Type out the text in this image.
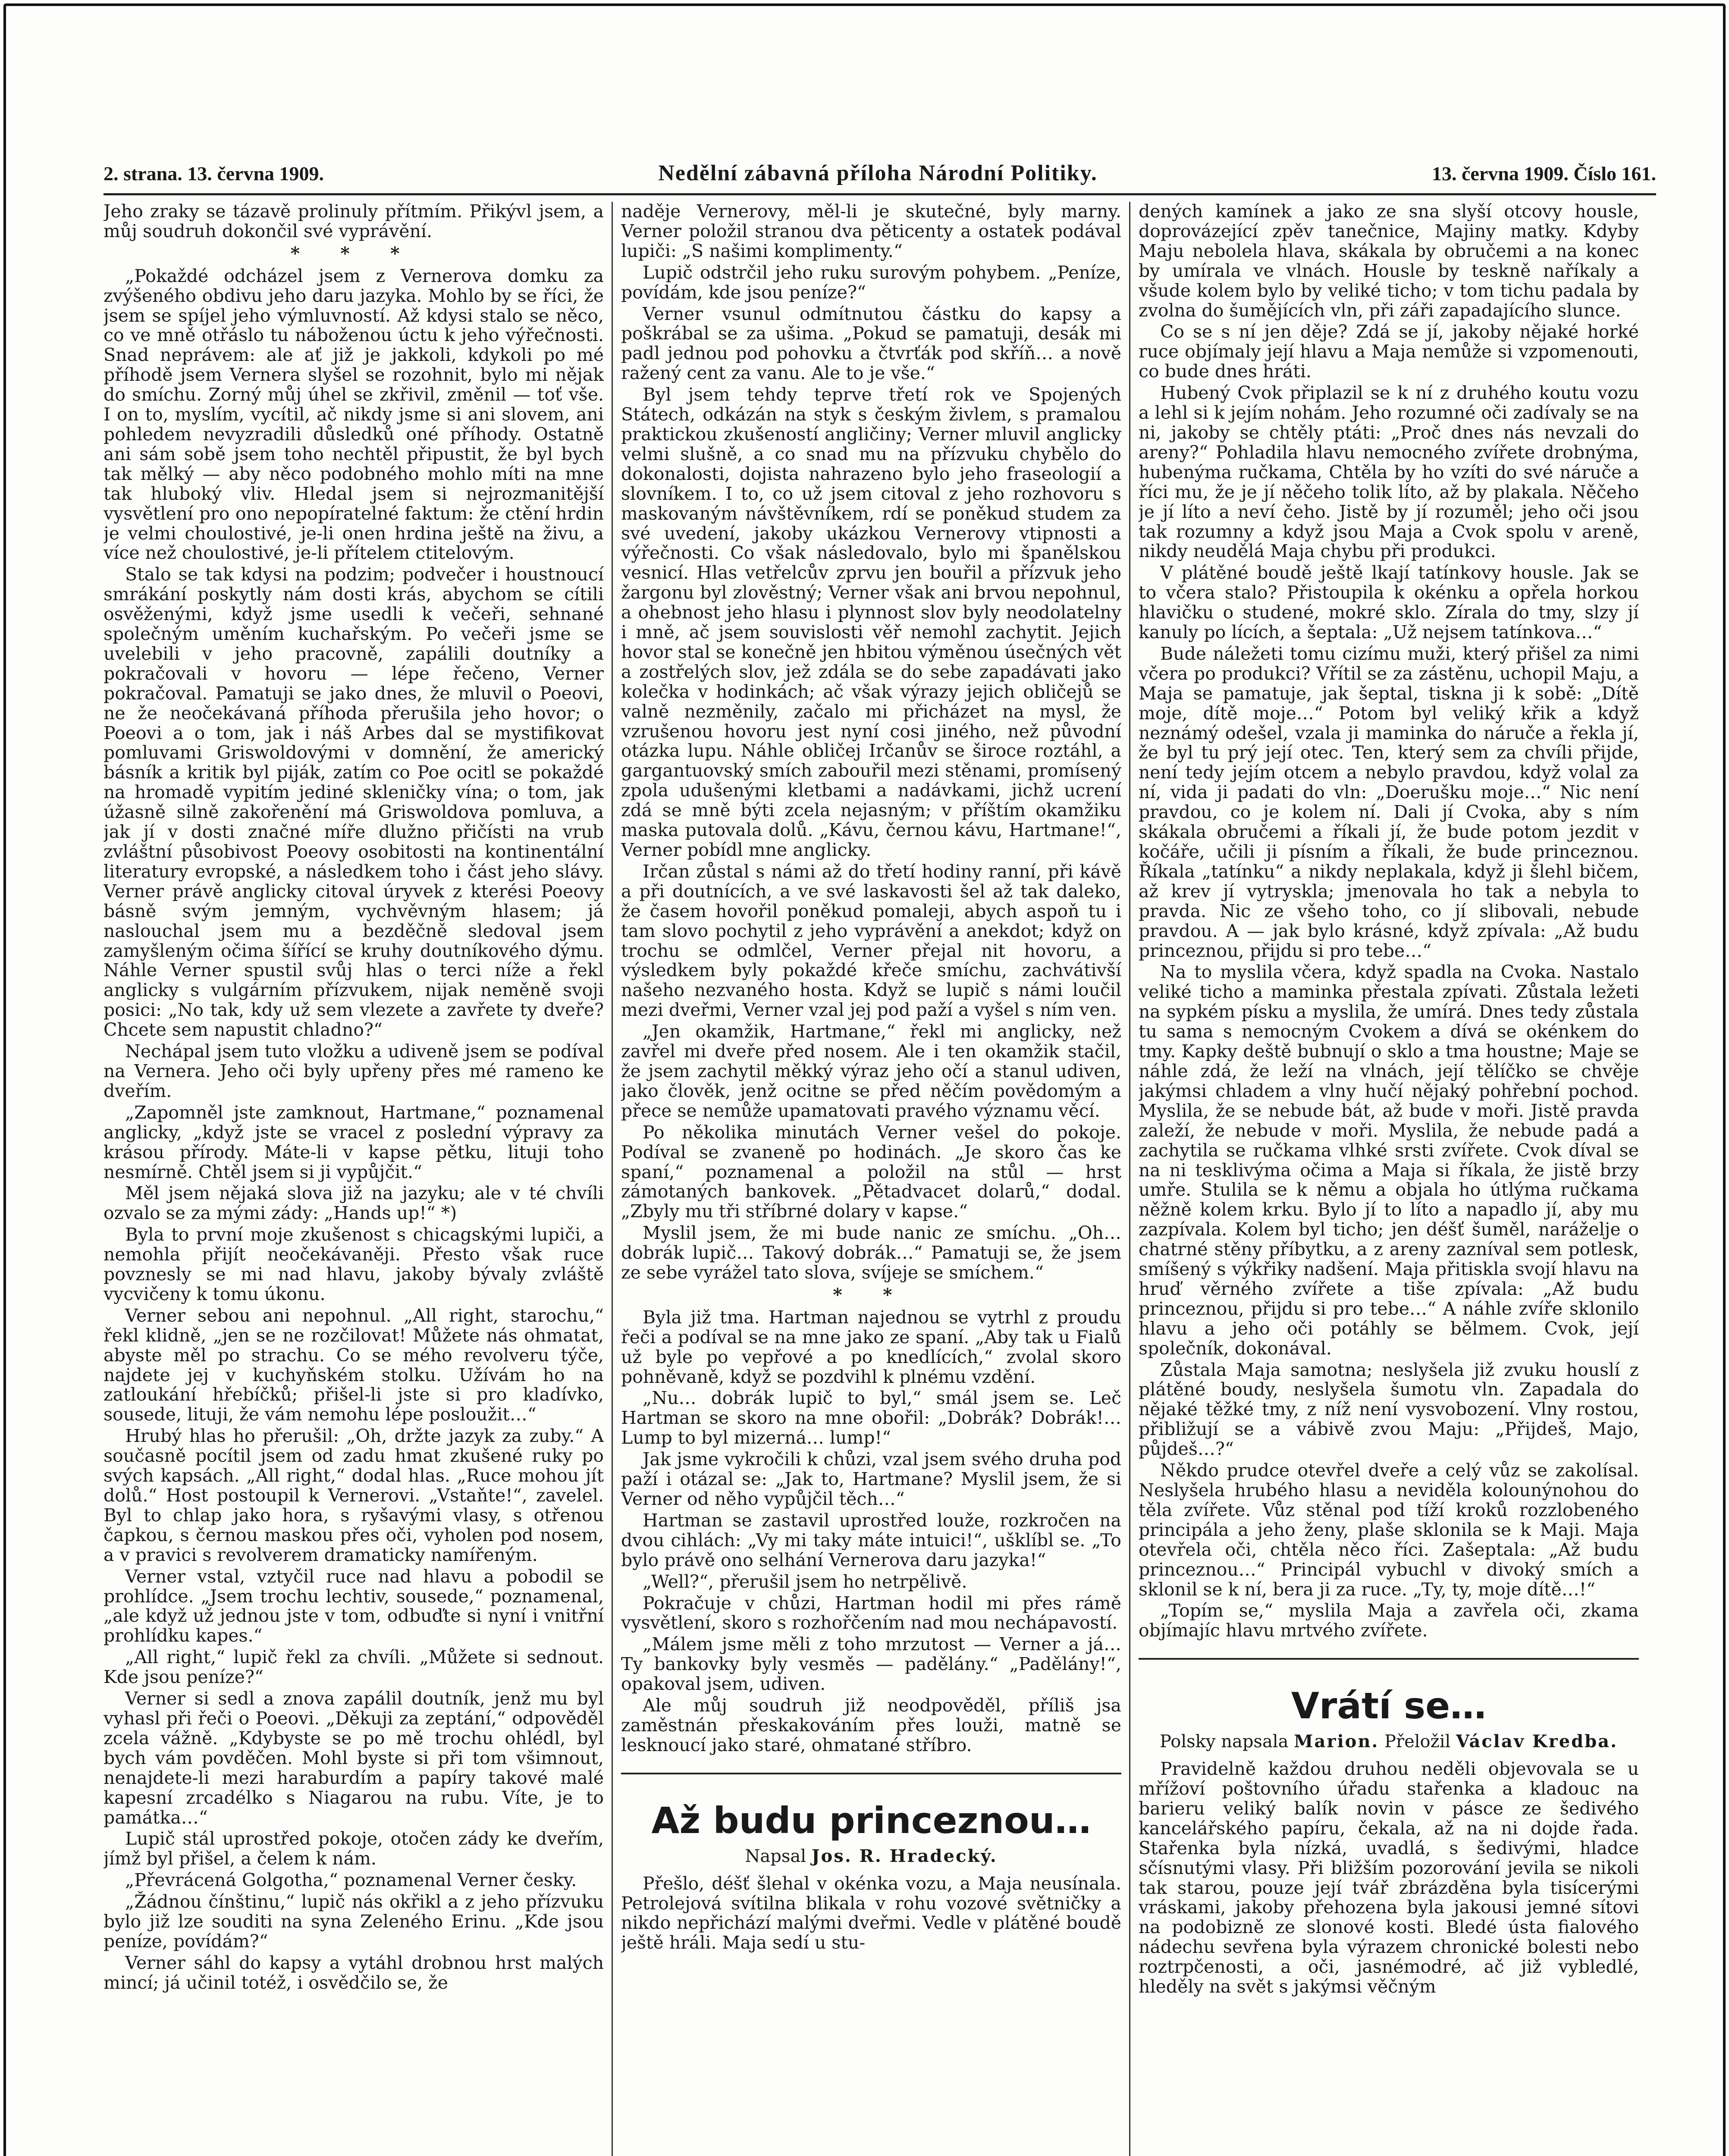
2. strana. 13. června 1909.	Nedělní zábavná příloha Národní Politiky.	13. června 1909. Číslo 161.

Jeho zraky se tázavě prolinuly přítmím. Přikývl jsem, a můj soudruh dokončil své vyprávění.

* * *

„Pokaždé odcházel jsem z Vernerova domku za zvýšeného obdivu jeho daru jazyka. Mohlo by se říci, že jsem se spíjel jeho výmluvností. Až kdysi stalo se něco, co ve mně otřáslo tu náboženou úctu k jeho výřečnosti. Snad neprávem: ale ať již je jakkoli, kdykoli po mé příhodě jsem Vernera slyšel se rozohnit, bylo mi nějak do smíchu. Zorný můj úhel se zkřivil, změnil — toť vše. I on to, myslím, vycítil, ač nikdy jsme si ani slovem, ani pohledem nevyzradili důsledků oné příhody. Ostatně ani sám sobě jsem toho nechtěl připustit, že byl bych tak mělký — aby něco podobného mohlo míti na mne tak hluboký vliv. Hledal jsem si nejrozmanitější vysvětlení pro ono nepopíratelné faktum: že ctění hrdin je velmi choulostivé, je-li onen hrdina ještě na živu, a více než choulostivé, je-li přítelem ctitelovým.

Stalo se tak kdysi na podzim; podvečer i houstnoucí smrákání poskytly nám dosti krás, abychom se cítili osvěženými, když jsme usedli k večeři, sehnané společným uměním kuchařským. Po večeři jsme se uvelebili v jeho pracovně, zapálili doutníky a pokračovali v hovoru — lépe řečeno, Verner pokračoval. Pamatuji se jako dnes, že mluvil o Poeovi, ne že neočekávaná příhoda přerušila jeho hovor; o Poeovi a o tom, jak i náš Arbes dal se mystifikovat pomluvami Griswoldovými v domnění, že americký básník a kritik byl piják, zatím co Poe ocitl se pokaždé na hromadě vypitím jediné skleničky vína; o tom, jak úžasně silně zakořenění má Griswoldova pomluva, a jak jí v dosti značné míře dlužno přičísti na vrub zvláštní působivost Poeovy osobitosti na kontinentální literatury evropské, a následkem toho i část jeho slávy. Verner právě anglicky citoval úryvek z kterési Poeovy básně svým jemným, vychvěvným hlasem; já naslouchal jsem mu a bezděčně sledoval jsem zamyšleným očima šířící se kruhy doutníkového dýmu. Náhle Verner spustil svůj hlas o terci níže a řekl anglicky s vulgárním přízvukem, nijak neměně svoji posici: „No tak, kdy už sem vlezete a zavřete ty dveře? Chcete sem napustit chladno?“

Nechápal jsem tuto vložku a udiveně jsem se podíval na Vernera. Jeho oči byly upřeny přes mé rameno ke dveřím.

„Zapomněl jste zamknout, Hartmane,“ poznamenal anglicky, „když jste se vracel z poslední výpravy za krásou přírody. Máte-li v kapse pětku, lituji toho nesmírně. Chtěl jsem si ji vypůjčit.“

Měl jsem nějaká slova již na jazyku; ale v té chvíli ozvalo se za mými zády: „Hands up!“ *)

Byla to první moje zkušenost s chicagskými lupiči, a nemohla přijít neočekávaněji. Přesto však ruce povznesly se mi nad hlavu, jakoby bývaly zvláště vycvičeny k tomu úkonu.

Verner sebou ani nepohnul. „All right, starochu,“ řekl klidně, „jen se ne rozčilovat! Můžete nás ohmatat, abyste měl po strachu. Co se mého revolveru týče, najdete jej v kuchyňském stolku. Užívám ho na zatloukání hřebíčků; přišel-li jste si pro kladívko, sousede, lituji, že vám nemohu lépe posloužit…“

Hrubý hlas ho přerušil: „Oh, držte jazyk za zuby.“ A současně pocítil jsem od zadu hmat zkušené ruky po svých kapsách. „All right,“ dodal hlas. „Ruce mohou jít dolů.“ Host postoupil k Vernerovi. „Vstaňte!“, zavelel. Byl to chlap jako hora, s ryšavými vlasy, s otřenou čapkou, s černou maskou přes oči, vyholen pod nosem, a v pravici s revolverem dramaticky namířeným.

Verner vstal, vztyčil ruce nad hlavu a pobodil se prohlídce. „Jsem trochu lechtiv, sousede,“ poznamenal, „ale když už jednou jste v tom, odbuďte si nyní i vnitřní prohlídku kapes.“

„All right,“ lupič řekl za chvíli. „Můžete si sednout. Kde jsou peníze?“

Verner si sedl a znova zapálil doutník, jenž mu byl vyhasl při řeči o Poeovi. „Děkuji za zeptání,“ odpověděl zcela vážně. „Kdybyste se po mě trochu ohlédl, byl bych vám povděčen. Mohl byste si při tom všimnout, nenajdete-li mezi haraburdím a papíry takové malé kapesní zrcadélko s Niagarou na rubu. Víte, je to památka…“

Lupič stál uprostřed pokoje, otočen zády ke dveřím, jímž byl přišel, a čelem k nám.

„Převrácená Golgotha,“ poznamenal Verner česky.

„Žádnou čínštinu,“ lupič nás okřikl a z jeho přízvuku bylo již lze souditi na syna Zeleného Erinu. „Kde jsou peníze, povídám?“

Verner sáhl do kapsy a vytáhl drobnou hrst malých mincí; já učinil totéž, i osvědčilo se, že

naděje Vernerovy, měl-li je skutečné, byly marny. Verner položil stranou dva pěticenty a ostatek podával lupiči: „S našimi komplimenty.“

Lupič odstrčil jeho ruku surovým pohybem. „Peníze, povídám, kde jsou peníze?“

Verner vsunul odmítnutou částku do kapsy a poškrábal se za ušima. „Pokud se pamatuji, desák mi padl jednou pod pohovku a čtvrťák pod skříň… a nově ražený cent za vanu. Ale to je vše.“

Byl jsem tehdy teprve třetí rok ve Spojených Státech, odkázán na styk s českým živlem, s pramalou praktickou zkušeností angličiny; Verner mluvil anglicky velmi slušně, a co snad mu na přízvuku chybělo do dokonalosti, dojista nahrazeno bylo jeho fraseologií a slovníkem. I to, co už jsem citoval z jeho rozhovoru s maskovaným návštěvníkem, rdí se poněkud studem za své uvedení, jakoby ukázkou Vernerovy vtipnosti a výřečnosti. Co však následovalo, bylo mi španělskou vesnicí. Hlas vetřelcův zprvu jen bouřil a přízvuk jeho žargonu byl zlověstný; Verner však ani brvou nepohnul, a ohebnost jeho hlasu i plynnost slov byly neodolatelny i mně, ač jsem souvislosti věř nemohl zachytit. Jejich hovor stal se konečně jen hbitou výměnou úsečných vět a zostřelých slov, jež zdála se do sebe zapadávati jako kolečka v hodinkách; ač však výrazy jejich obličejů se valně nezměnily, začalo mi přicházet na mysl, že vzrušenou hovoru jest nyní cosi jiného, než původní otázka lupu. Náhle obličej Irčanův se široce roztáhl, a gargantuovský smích zabouřil mezi stěnami, promísený zpola udušenými kletbami a nadávkami, jichž ucrení zdá se mně býti zcela nejasným; v příštím okamžiku maska putovala dolů. „Kávu, černou kávu, Hartmane!“, Verner pobídl mne anglicky.

Irčan zůstal s námi až do třetí hodiny ranní, při kávě a při doutnících, a ve své laskavosti šel až tak daleko, že časem hovořil poněkud pomaleji, abych aspoň tu i tam slovo pochytil z jeho vyprávění a anekdot; když on trochu se odmlčel, Verner přejal nit hovoru, a výsledkem byly pokaždé křeče smíchu, zachvátivší našeho nezvaného hosta. Když se lupič s námi loučil mezi dveřmi, Verner vzal jej pod paží a vyšel s ním ven.

„Jen okamžik, Hartmane,“ řekl mi anglicky, než zavřel mi dveře před nosem. Ale i ten okamžik stačil, že jsem zachytil měkký výraz jeho očí a stanul udiven, jako člověk, jenž ocitne se před něčím povědomým a přece se nemůže upamatovati pravého významu věcí.

Po několika minutách Verner vešel do pokoje. Podíval se zvaneně po hodinách. „Je skoro čas ke spaní,“ poznamenal a položil na stůl — hrst zámotaných bankovek. „Pětadvacet dolarů,“ dodal. „Zbyly mu tři stříbrné dolary v kapse.“

Myslil jsem, že mi bude nanic ze smíchu. „Oh… dobrák lupič… Takový dobrák…“ Pamatuji se, že jsem ze sebe vyrážel tato slova, svíjeje se smíchem.“

* *

Byla již tma. Hartman najednou se vytrhl z proudu řeči a podíval se na mne jako ze spaní. „Aby tak u Fialů už byle po vepřové a po knedlících,“ zvolal skoro pohněvaně, když se pozdvihl k plnému vzdění.

„Nu… dobrák lupič to byl,“ smál jsem se. Leč Hartman se skoro na mne obořil: „Dobrák? Dobrák!… Lump to byl mizerná… lump!“

Jak jsme vykročili k chůzi, vzal jsem svého druha pod paží i otázal se: „Jak to, Hartmane? Myslil jsem, že si Verner od něho vypůjčil těch…“

Hartman se zastavil uprostřed louže, rozkročen na dvou cihlách: „Vy mi taky máte intuici!“, ušklíbl se. „To bylo právě ono selhání Vernerova daru jazyka!“

„Well?“, přerušil jsem ho netrpělivě.

Pokračuje v chůzi, Hartman hodil mi přes rámě vysvětlení, skoro s rozhořčením nad mou nechápavostí.

„Málem jsme měli z toho mrzutost — Verner a já… Ty bankovky byly vesměs — padělány.“ „Padělány!“, opakoval jsem, udiven.

Ale můj soudruh již neodpověděl, příliš jsa zaměstnán přeskakováním přes louži, matně se lesknoucí jako staré, ohmatané stříbro.

Až budu princeznou…

Napsal Jos. R. Hradecký.

Přešlo, déšť šlehal v okénka vozu, a Maja neusínala. Petrolejová svítilna blikala v rohu vozové světničky a nikdo nepřichází malými dveřmi. Vedle v plátěné boudě ještě hráli. Maja sedí u stu-

dených kamínek a jako ze sna slyší otcovy housle, doprovázející zpěv tanečnice, Majiny matky. Kdyby Maju nebolela hlava, skákala by obručemi a na konec by umírala ve vlnách. Housle by teskně naříkaly a všude kolem bylo by veliké ticho; v tom tichu padala by zvolna do šumějících vln, při záři zapadajícího slunce.

Co se s ní jen děje? Zdá se jí, jakoby nějaké horké ruce objímaly její hlavu a Maja nemůže si vzpomenouti, co bude dnes hráti.

Hubený Cvok připlazil se k ní z druhého koutu vozu a lehl si k jejím nohám. Jeho rozumné oči zadívaly se na ni, jakoby se chtěly ptáti: „Proč dnes nás nevzali do areny?“ Pohladila hlavu nemocného zvířete drobnýma, hubenýma ručkama, Chtěla by ho vzíti do své náruče a říci mu, že je jí něčeho tolik líto, až by plakala. Něčeho je jí líto a neví čeho. Jistě by jí rozuměl; jeho oči jsou tak rozumny a když jsou Maja a Cvok spolu v areně, nikdy neudělá Maja chybu při produkci.

V plátěné boudě ještě lkají tatínkovy housle. Jak se to včera stalo? Přistoupila k okénku a opřela horkou hlavičku o studené, mokré sklo. Zírala do tmy, slzy jí kanuly po lících, a šeptala: „Už nejsem tatínkova…“

Bude náležeti tomu cizímu muži, který přišel za nimi včera po produkci? Vřítil se za zástěnu, uchopil Maju, a Maja se pamatuje, jak šeptal, tiskna ji k sobě: „Dítě moje, dítě moje…“ Potom byl veliký křik a když neznámý odešel, vzala ji maminka do náruče a řekla jí, že byl tu prý její otec. Ten, který sem za chvíli přijde, není tedy jejím otcem a nebylo pravdou, když volal za ní, vida ji padati do vln: „Doerušku moje…“ Nic není pravdou, co je kolem ní. Dali jí Cvoka, aby s ním skákala obručemi a říkali jí, že bude potom jezdit v kočáře, učili ji písním a říkali, že bude princeznou. Říkala „tatínku“ a nikdy neplakala, když ji šlehl bičem, až krev jí vytryskla; jmenovala ho tak a nebyla to pravda. Nic ze všeho toho, co jí slibovali, nebude pravdou. A — jak bylo krásné, když zpívala: „Až budu princeznou, přijdu si pro tebe…“

Na to myslila včera, když spadla na Cvoka. Nastalo veliké ticho a maminka přestala zpívati. Zůstala ležeti na sypkém písku a myslila, že umírá. Dnes tedy zůstala tu sama s nemocným Cvokem a dívá se okénkem do tmy. Kapky deště bubnují o sklo a tma houstne; Maje se náhle zdá, že leží na vlnách, její tělíčko se chvěje jakýmsi chladem a vlny hučí nějaký pohřební pochod. Myslila, že se nebude bát, až bude v moři. Jistě pravda zaleží, že nebude v moři. Myslila, že nebude padá a zachytila se ručkama vlhké srsti zvířete. Cvok díval se na ni tesklivýma očima a Maja si říkala, že jistě brzy umře. Stulila se k němu a objala ho útlýma ručkama něžně kolem krku. Bylo jí to líto a napadlo jí, aby mu zazpívala. Kolem byl ticho; jen déšť šuměl, naráželje o chatrné stěny příbytku, a z areny zazníval sem potlesk, smíšený s výkřiky nadšení. Maja přitiskla svojí hlavu na hruď věrného zvířete a tiše zpívala: „Až budu princeznou, přijdu si pro tebe…“ A náhle zvíře sklonilo hlavu a jeho oči potáhly se bělmem. Cvok, její společník, dokonával.

Zůstala Maja samotna; neslyšela již zvuku houslí z plátěné boudy, neslyšela šumotu vln. Zapadala do nějaké těžké tmy, z níž není vysvobození. Vlny rostou, přibližují se a vábivě zvou Maju: „Přijdeš, Majo, půjdeš…?“

Někdo prudce otevřel dveře a celý vůz se zakolísal. Neslyšela hrubého hlasu a neviděla kolounýnohou do těla zvířete. Vůz stěnal pod tíží kroků rozzlobeného principála a jeho ženy, plaše sklonila se k Maji. Maja otevřela oči, chtěla něco říci. Zašeptala: „Až budu princeznou…“ Principál vybuchl v divoký smích a sklonil se k ní, bera ji za ruce. „Ty, ty, moje dítě…!“

„Topím se,“ myslila Maja a zavřela oči, zkama objímajíc hlavu mrtvého zvířete.

Vrátí se…

Polsky napsala Marion. Přeložil Václav Kredba.

Pravidelně každou druhou neděli objevovala se u mřížoví poštovního úřadu stařenka a kladouc na barieru veliký balík novin v pásce ze šedivého kancelářského papíru, čekala, až na ni dojde řada. Stařenka byla nízká, uvadlá, s šedivými, hladce sčísnutými vlasy. Při bližším pozorování jevila se nikoli tak starou, pouze její tvář zbrázděna byla tisícerými vráskami, jakoby přehozena byla jakousi jemné sítovi na podobizně ze slonové kosti. Bledé ústa fialového nádechu sevřena byla výrazem chronické bolesti nebo roztrpčenosti, a oči, jasnémodré, ač již vybledlé, hleděly na svět s jakýmsi věčným
